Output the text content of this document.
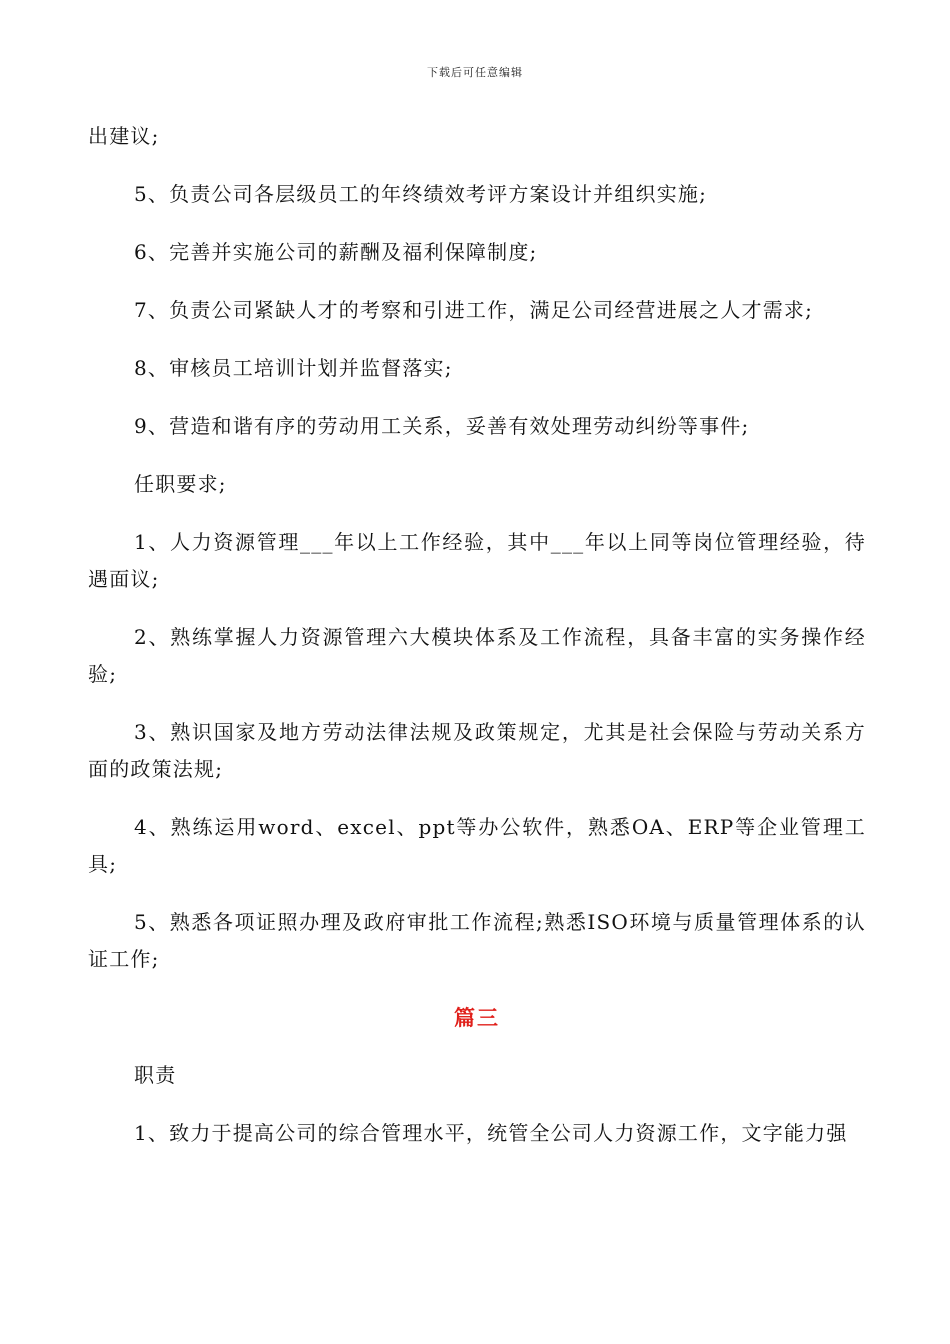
下载后可任意编辑

出建议;

5、负责公司各层级员工的年终绩效考评方案设计并组织实施;

6、完善并实施公司的薪酬及福利保障制度;

7、负责公司紧缺人才的考察和引进工作，满足公司经营进展之人才需求;

8、审核员工培训计划并监督落实;

9、营造和谐有序的劳动用工关系，妥善有效处理劳动纠纷等事件;

任职要求;

1、人力资源管理___年以上工作经验，其中___年以上同等岗位管理经验，待遇面议;

2、熟练掌握人力资源管理六大模块体系及工作流程，具备丰富的实务操作经验;

3、熟识国家及地方劳动法律法规及政策规定，尤其是社会保险与劳动关系方面的政策法规;

4、熟练运用word、excel、ppt等办公软件，熟悉OA、ERP等企业管理工具;

5、熟悉各项证照办理及政府审批工作流程;熟悉ISO环境与质量管理体系的认证工作;

篇三

职责

1、致力于提高公司的综合管理水平，统管全公司人力资源工作，文字能力强
